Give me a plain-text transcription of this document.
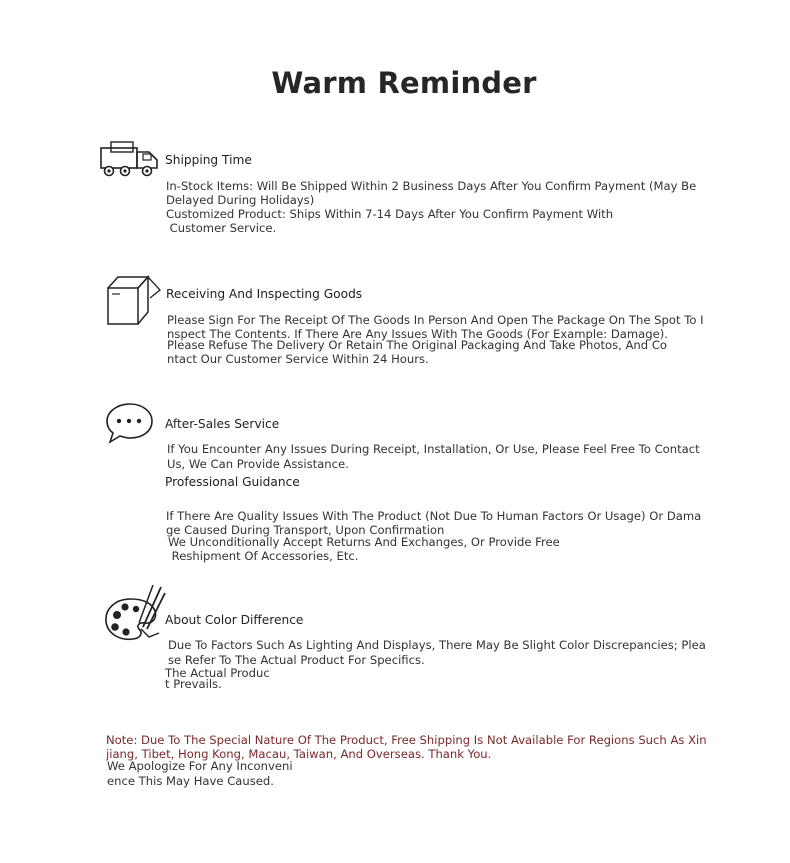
Warm Reminder
Shipping Time
In-Stock Items: Will Be Shipped Within 2 Business Days After You Confirm Payment (May Be
Delayed During Holidays)
Customized Product: Ships Within 7-14 Days After You Confirm Payment With
Customer Service.
Receiving And Inspecting Goods
Please Sign For The Receipt Of The Goods In Person And Open The Package On The Spot To I
nspect The Contents. If There Are Any Issues With The Goods (For Example: Damage).
Please Refuse The Delivery Or Retain The Original Packaging And Take Photos, And Co
ntact Our Customer Service Within 24 Hours.
After-Sales Service
If You Encounter Any Issues During Receipt, Installation, Or Use, Please Feel Free To Contact
Us, We Can Provide Assistance.
Professional Guidance
If There Are Quality Issues With The Product (Not Due To Human Factors Or Usage) Or Dama
ge Caused During Transport, Upon Confirmation
We Unconditionally Accept Returns And Exchanges, Or Provide Free
Reshipment Of Accessories, Etc.
About Color Difference
Due To Factors Such As Lighting And Displays, There May Be Slight Color Discrepancies; Plea
se Refer To The Actual Product For Specifics.
The Actual Produc
t Prevails.
Note: Due To The Special Nature Of The Product, Free Shipping Is Not Available For Regions Such As Xin
jiang, Tibet, Hong Kong, Macau, Taiwan, And Overseas. Thank You.
We Apologize For Any Inconveni
ence This May Have Caused.
